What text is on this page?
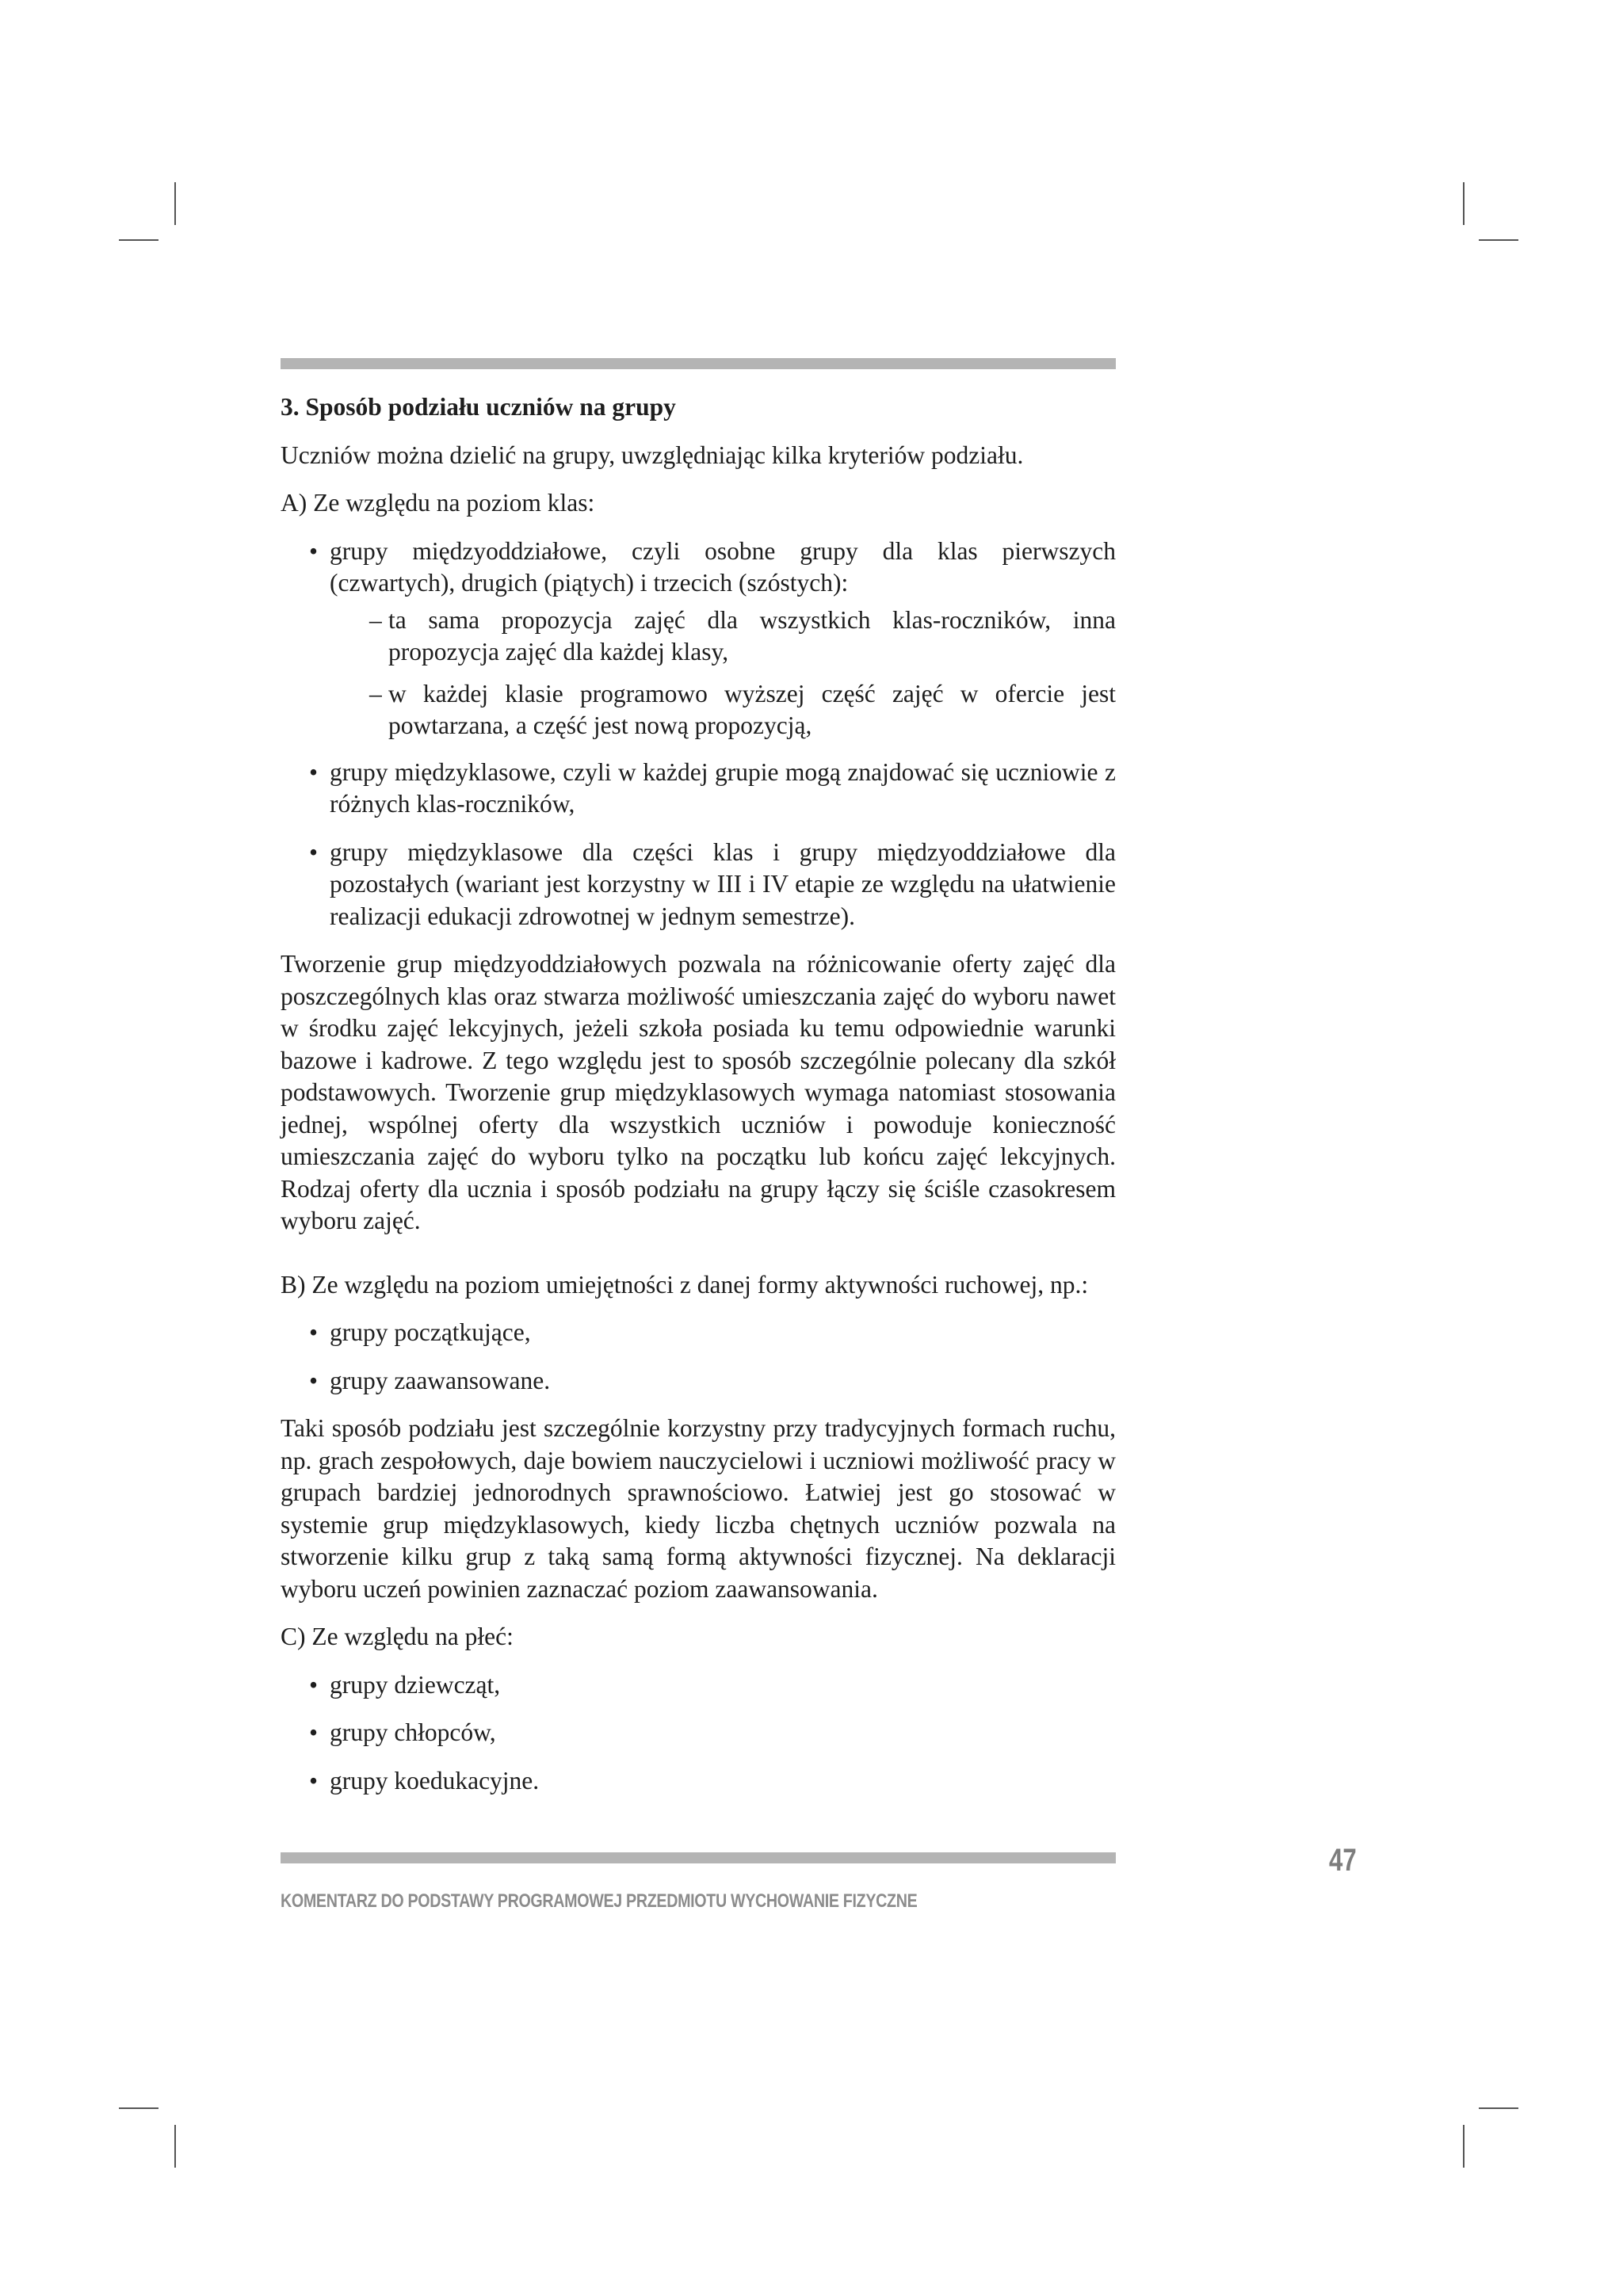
3. Sposób podziału uczniów na grupy

Uczniów można dzielić na grupy, uwzględniając kilka kryteriów podziału.

A) Ze względu na poziom klas:

• grupy międzyoddziałowe, czyli osobne grupy dla klas pierwszych (czwartych), drugich (piątych) i trzecich (szóstych):
– ta sama propozycja zajęć dla wszystkich klas-roczników, inna propozycja zajęć dla każdej klasy,
– w każdej klasie programowo wyższej część zajęć w ofercie jest powtarzana, a część jest nową propozycją,
• grupy międzyklasowe, czyli w każdej grupie mogą znajdować się uczniowie z różnych klas-roczników,
• grupy międzyklasowe dla części klas i grupy międzyoddziałowe dla pozostałych (wariant jest korzystny w III i IV etapie ze względu na ułatwienie realizacji edukacji zdrowotnej w jednym semestrze).

Tworzenie grup międzyoddziałowych pozwala na różnicowanie oferty zajęć dla poszczególnych klas oraz stwarza możliwość umieszczania zajęć do wyboru nawet w środku zajęć lekcyjnych, jeżeli szkoła posiada ku temu odpowiednie warunki bazowe i kadrowe. Z tego względu jest to sposób szczególnie polecany dla szkół podstawowych. Tworzenie grup międzyklasowych wymaga natomiast stosowania jednej, wspólnej oferty dla wszystkich uczniów i powoduje konieczność umieszczania zajęć do wyboru tylko na początku lub końcu zajęć lekcyjnych. Rodzaj oferty dla ucznia i sposób podziału na grupy łączy się ściśle czasokresem wyboru zajęć.

B) Ze względu na poziom umiejętności z danej formy aktywności ruchowej, np.:

• grupy początkujące,
• grupy zaawansowane.

Taki sposób podziału jest szczególnie korzystny przy tradycyjnych formach ruchu, np. grach zespołowych, daje bowiem nauczycielowi i uczniowi możliwość pracy w grupach bardziej jednorodnych sprawnościowo. Łatwiej jest go stosować w systemie grup międzyklasowych, kiedy liczba chętnych uczniów pozwala na stworzenie kilku grup z taką samą formą aktywności fizycznej. Na deklaracji wyboru uczeń powinien zaznaczać poziom zaawansowania.

C) Ze względu na płeć:

• grupy dziewcząt,
• grupy chłopców,
• grupy koedukacyjne.
47
KOMENTARZ DO PODSTAWY PROGRAMOWEJ PRZEDMIOTU WYCHOWANIE FIZYCZNE
